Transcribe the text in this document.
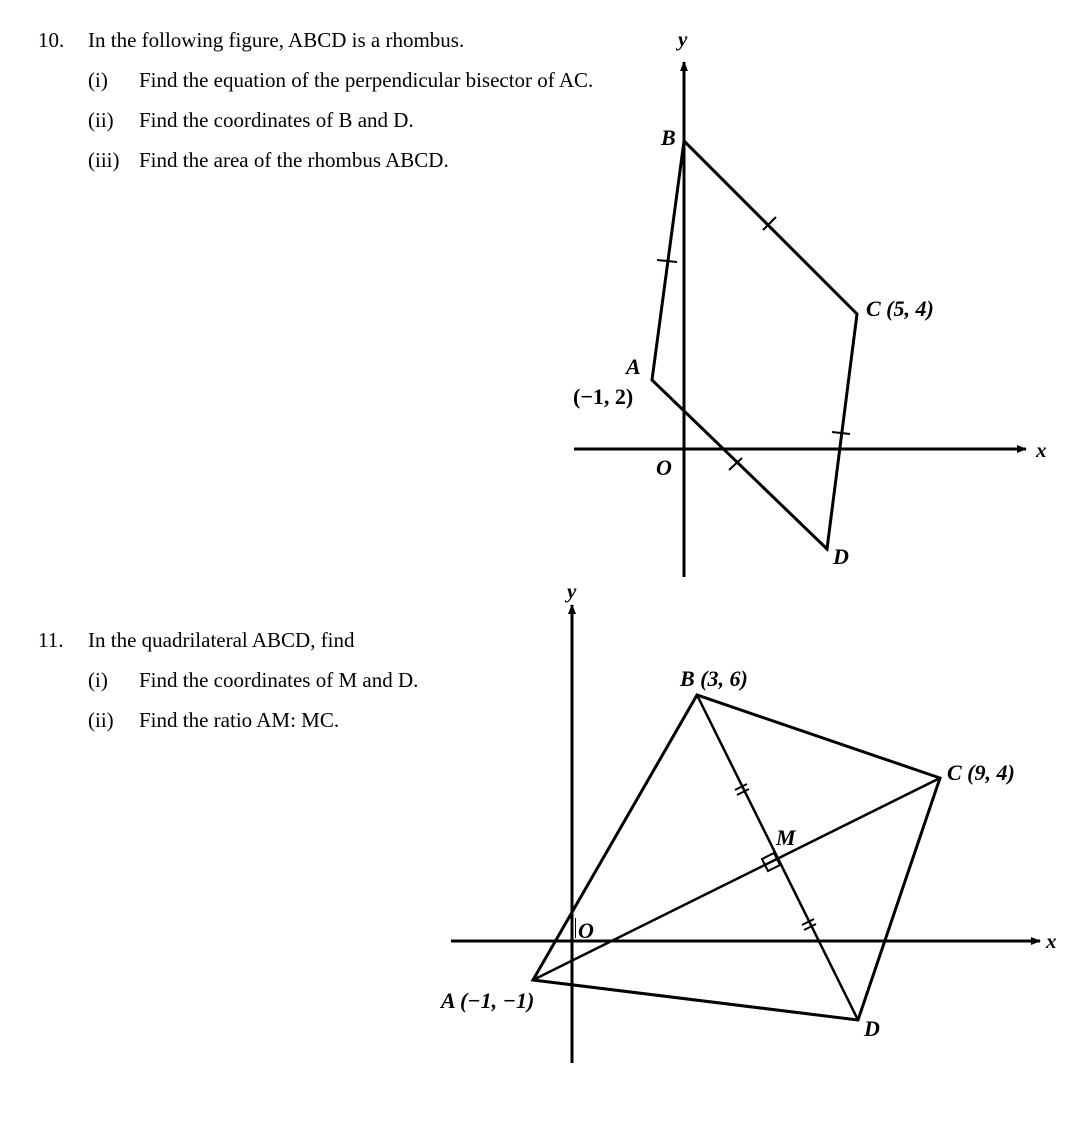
10. In the following figure, ABCD is a rhombus.
(i) Find the equation of the perpendicular bisector of AC.
(ii) Find the coordinates of B and D.
(iii) Find the area of the rhombus ABCD.
11. In the quadrilateral ABCD, find
(i) Find the coordinates of M and D.
(ii) Find the ratio AM: MC.
y
x
O
B
A
(−1, 2)
C (5, 4)
D
y
x
O
B (3, 6)
C (9, 4)
M
A (−1, −1)
D
